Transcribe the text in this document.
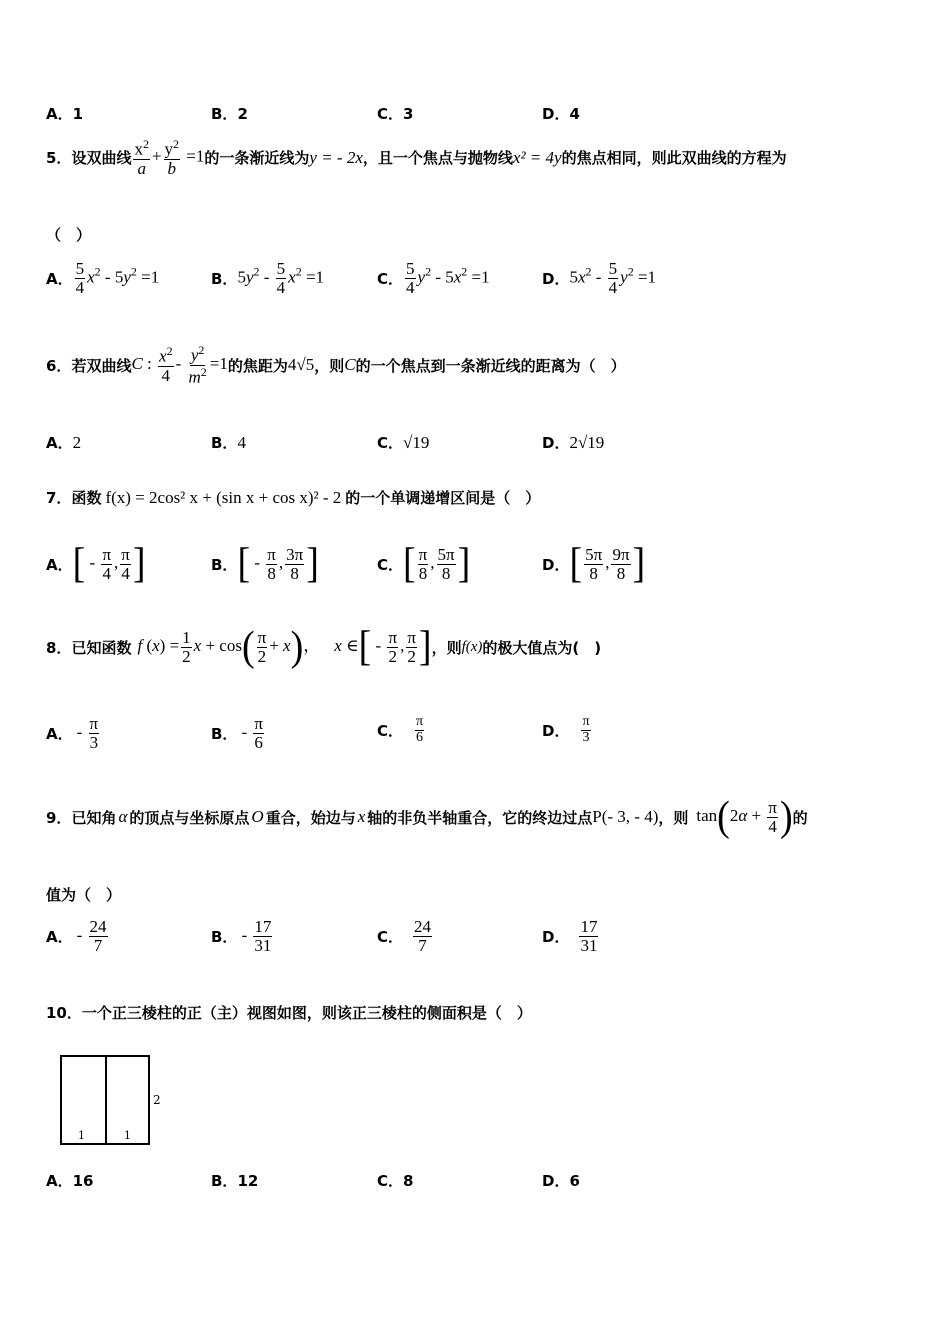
A．1	B．2	C．3	D．4
5． 设双曲线 $\frac{x^2}{a} + \frac{y^2}{b} =1$ 的一条渐近线为 y = - 2x ，且一个焦点与抛物线 x² = 4y 的焦点相同，则此双曲线的方程为
（　）
A． $\frac{5}{4} x^2 - 5y^2 =1$	B． $5y^2 - \frac{5}{4} x^2 =1$	C． $\frac{5}{4} y^2 - 5x^2 =1$	D． $5x^2 - \frac{5}{4} y^2 =1$
6． 若双曲线 C : $\frac{x^2}{4} - \frac{y^2}{m^2} =1$ 的焦距为 4√5 ，则 C 的一个焦点到一条渐近线的距离为（　）
A．2	B．4	C．√19	D．2√19
7． 函数 f(x) = 2cos² x + (sin x + cos x)² - 2 的一个单调递增区间是（　）
A． [ - $\frac{\pi}{4}$ , $\frac{\pi}{4}$ ]	B． [ - $\frac{\pi}{8}$ , $\frac{3\pi}{8}$ ]	C． [ $\frac{\pi}{8}$ , $\frac{5\pi}{8}$ ]	D． [ $\frac{5\pi}{8}$ , $\frac{9\pi}{8}$ ]
8． 已知函数 f $(x) = \frac{1}{2}$ $x + \cos( \frac{\pi}{2} + x)$， x ∈[ - $\frac{\pi}{2}$ , $\frac{\pi}{2}$ ] ，则 f(x) 的极大值点为(　)
A． - $\frac{\pi}{3}$	B． - $\frac{\pi}{6}$	C． $\frac{\pi}{6}$	D． $\frac{\pi}{3}$
9． 已知角 α 的顶点与坐标原点 O 重合，始边与 x 轴的非负半轴重合，它的终边过点 P(- 3, - 4) ，则 $\tan(2\alpha + \frac{\pi}{4}$ ) 的
值为（　）
A． - $\frac{24}{7}$	B． - $\frac{17}{31}$	C． $\frac{24}{7}$	D． $\frac{17}{31}$
10．一个正三棱柱的正（主）视图如图，则该正三棱柱的侧面积是（　）
1	1
2
A．16	B．12	C．8	D．6
